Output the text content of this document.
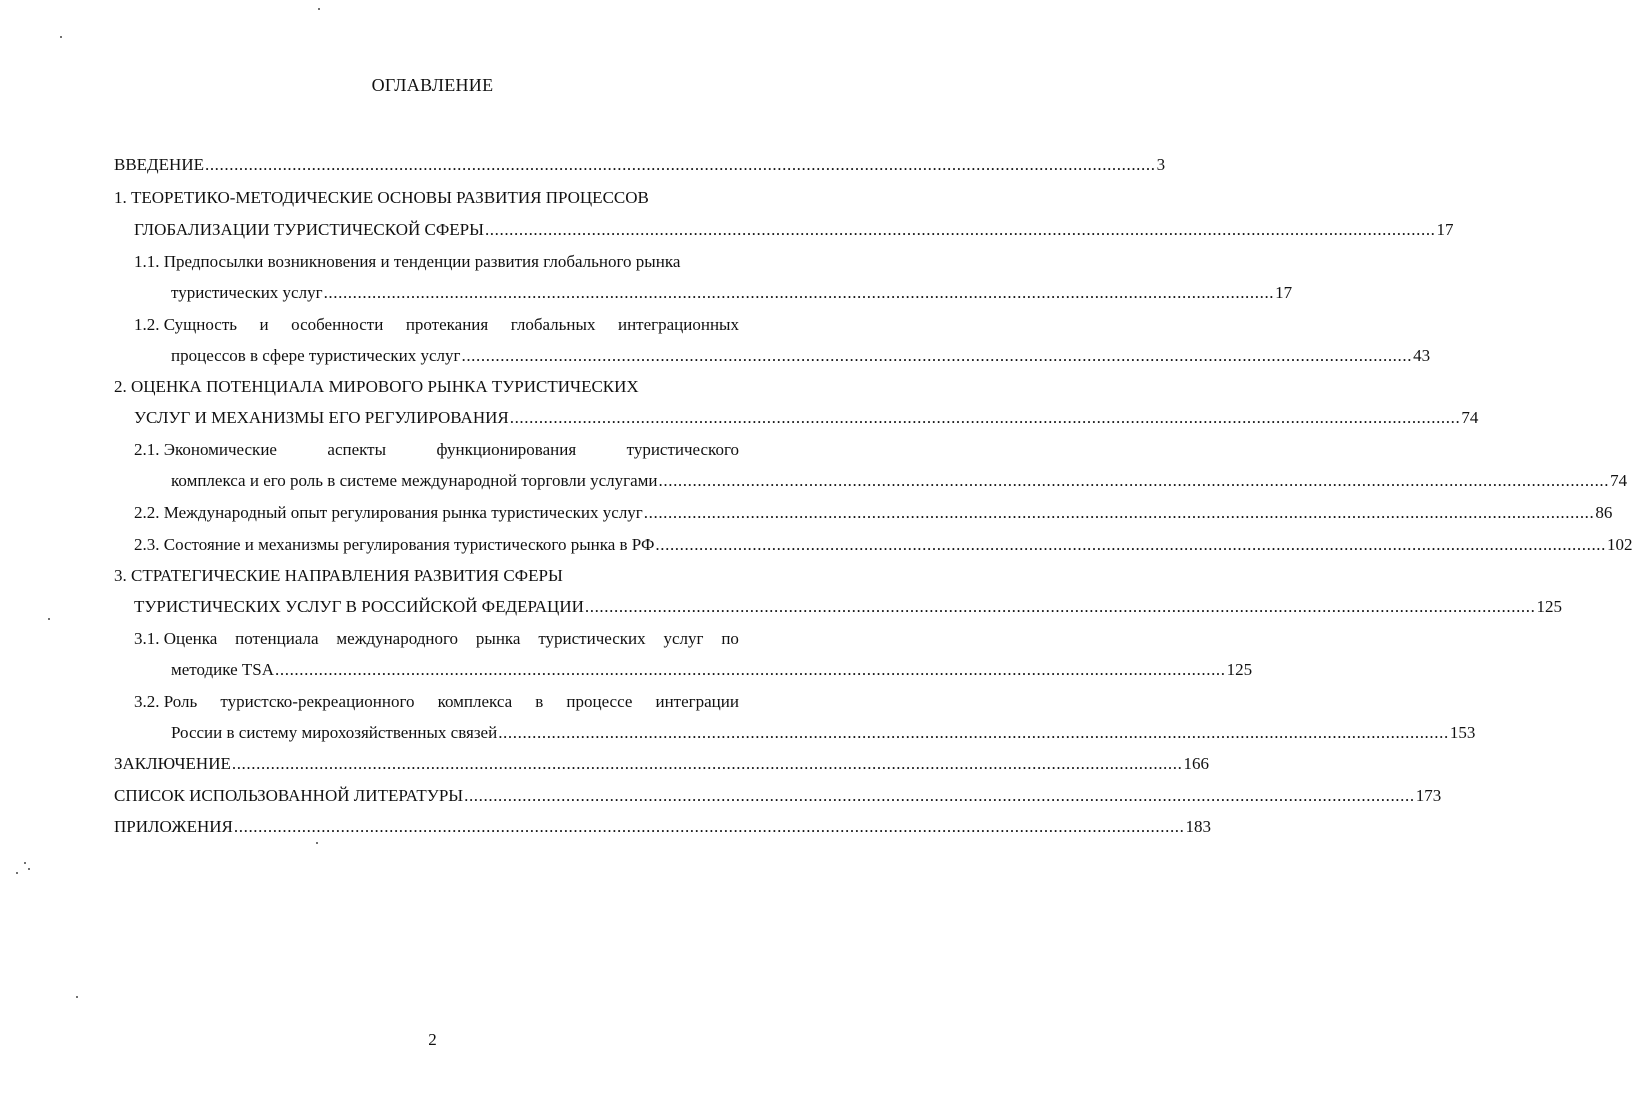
ОГЛАВЛЕНИЕ
ВВЕДЕНИЕ .................................................................................................................................................................................................... 3
1. ТЕОРЕТИКО-МЕТОДИЧЕСКИЕ ОСНОВЫ РАЗВИТИЯ ПРОЦЕССОВ
ГЛОБАЛИЗАЦИИ ТУРИСТИЧЕСКОЙ СФЕРЫ .................................................................................................................................................................................................... 17
1.1. Предпосылки возникновения и тенденции развития глобального рынка
туристических услуг .................................................................................................................................................................................................... 17
1.2. Сущность и особенности протекания глобальных интеграционных
процессов в сфере туристических услуг .................................................................................................................................................................................................... 43
2. ОЦЕНКА ПОТЕНЦИАЛА МИРОВОГО РЫНКА ТУРИСТИЧЕСКИХ
УСЛУГ И МЕХАНИЗМЫ ЕГО РЕГУЛИРОВАНИЯ .................................................................................................................................................................................................... 74
2.1. Экономические	аспекты	функционирования	туристического
комплекса и его роль в системе международной торговли услугами .................................................................................................................................................................................................... 74
2.2. Международный опыт регулирования рынка туристических услуг .................................................................................................................................................................................................... 86
2.3. Состояние и механизмы регулирования туристического рынка в РФ .................................................................................................................................................................................................... 102
3. СТРАТЕГИЧЕСКИЕ НАПРАВЛЕНИЯ РАЗВИТИЯ СФЕРЫ
ТУРИСТИЧЕСКИХ УСЛУГ В РОССИЙСКОЙ ФЕДЕРАЦИИ .................................................................................................................................................................................................... 125
3.1. Оценка потенциала международного рынка туристических услуг по
методике TSA .................................................................................................................................................................................................... 125
3.2. Роль туристско-рекреационного комплекса в процессе интеграции
России в систему мирохозяйственных связей .................................................................................................................................................................................................... 153
ЗАКЛЮЧЕНИЕ .................................................................................................................................................................................................... 166
СПИСОК ИСПОЛЬЗОВАННОЙ ЛИТЕРАТУРЫ .................................................................................................................................................................................................... 173
ПРИЛОЖЕНИЯ .................................................................................................................................................................................................... 183
2
